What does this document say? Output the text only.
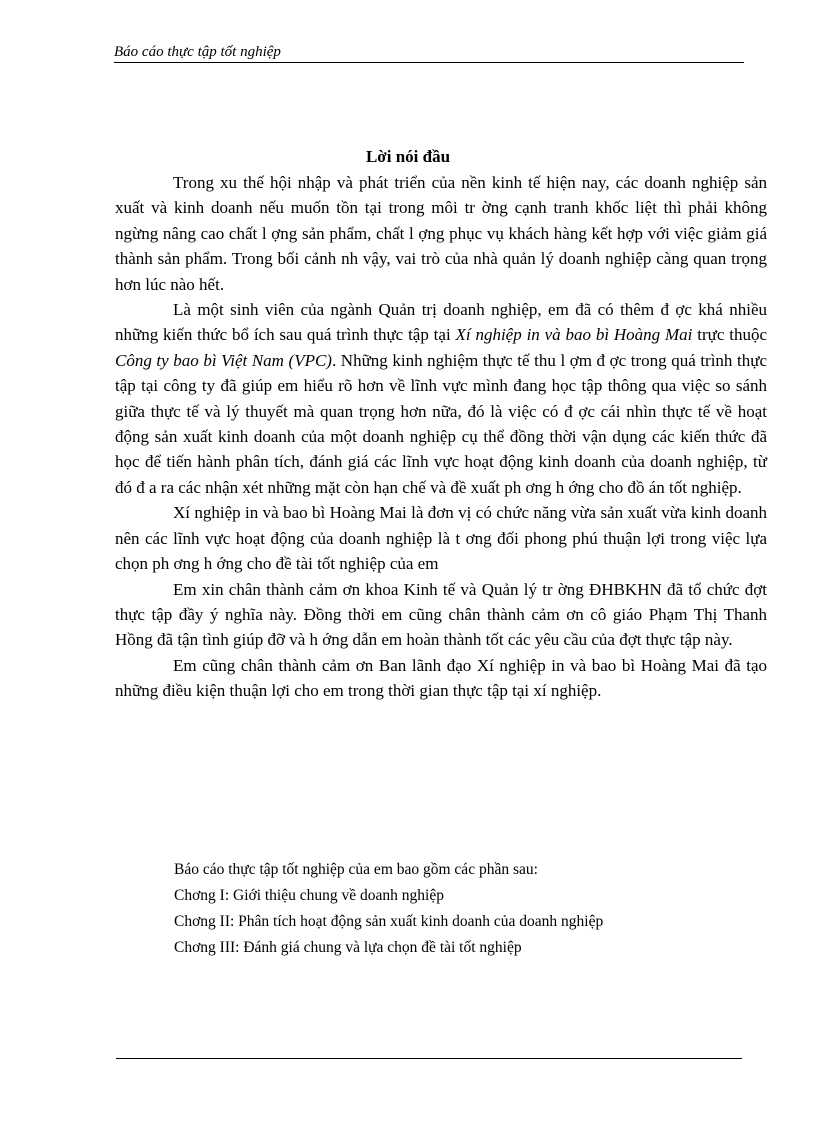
Báo cáo thực tập tốt nghiệp
Lời nói đầu

Trong xu thế hội nhập và phát triển của nền kinh tế hiện nay, các doanh nghiệp sản xuất và kinh doanh nếu muốn tồn tại trong môi tr ờng cạnh tranh khốc liệt thì phải không ngừng nâng cao chất l ợng sản phẩm, chất l ợng phục vụ khách hàng kết hợp với việc giảm giá thành sản phẩm. Trong bối cảnh nh vậy, vai trò của nhà quản lý doanh nghiệp càng quan trọng hơn lúc nào hết.

Là một sinh viên của ngành Quản trị doanh nghiệp, em đã có thêm đ ợc khá nhiều những kiến thức bổ ích sau quá trình thực tập tại Xí nghiệp in và bao bì Hoàng Mai trực thuộc Công ty bao bì Việt Nam (VPC). Những kinh nghiệm thực tế thu l ợm đ ợc trong quá trình thực tập tại công ty đã giúp em hiểu rõ hơn về lĩnh vực mình đang học tập thông qua việc so sánh giữa thực tế và lý thuyết mà quan trọng hơn nữa, đó là việc có đ ợc cái nhìn thực tế về hoạt động sản xuất kinh doanh của một doanh nghiệp cụ thể đồng thời vận dụng các kiến thức đã học để tiến hành phân tích, đánh giá các lĩnh vực hoạt động kinh doanh của doanh nghiệp, từ đó đ a ra các nhận xét những mặt còn hạn chế và đề xuất ph ơng h ớng cho đồ án tốt nghiệp.

Xí nghiệp in và bao bì Hoàng Mai là đơn vị có chức năng vừa sản xuất vừa kinh doanh nên các lĩnh vực hoạt động của doanh nghiệp là t ơng đối phong phú thuận lợi trong việc lựa chọn ph ơng h ớng cho đề tài tốt nghiệp của em

Em xin chân thành cảm ơn khoa Kinh tế và Quản lý tr ờng ĐHBKHN đã tổ chức đợt thực tập đầy ý nghĩa này. Đồng thời em cũng chân thành cảm ơn cô giáo Phạm Thị Thanh Hồng đã tận tình giúp đỡ và h ớng dẫn em hoàn thành tốt các yêu cầu của đợt thực tập này.

Em cũng chân thành cảm ơn Ban lãnh đạo Xí nghiệp in và bao bì Hoàng Mai đã tạo những điều kiện thuận lợi cho em trong thời gian thực tập tại xí nghiệp.

Báo cáo thực tập tốt nghiệp của em bao gồm các phần sau:
Chơng I: Giới thiệu chung về doanh nghiệp
Chơng II: Phân tích hoạt động sản xuất kinh doanh của doanh nghiệp
Chơng III: Đánh giá chung và lựa chọn đề tài tốt nghiệp
